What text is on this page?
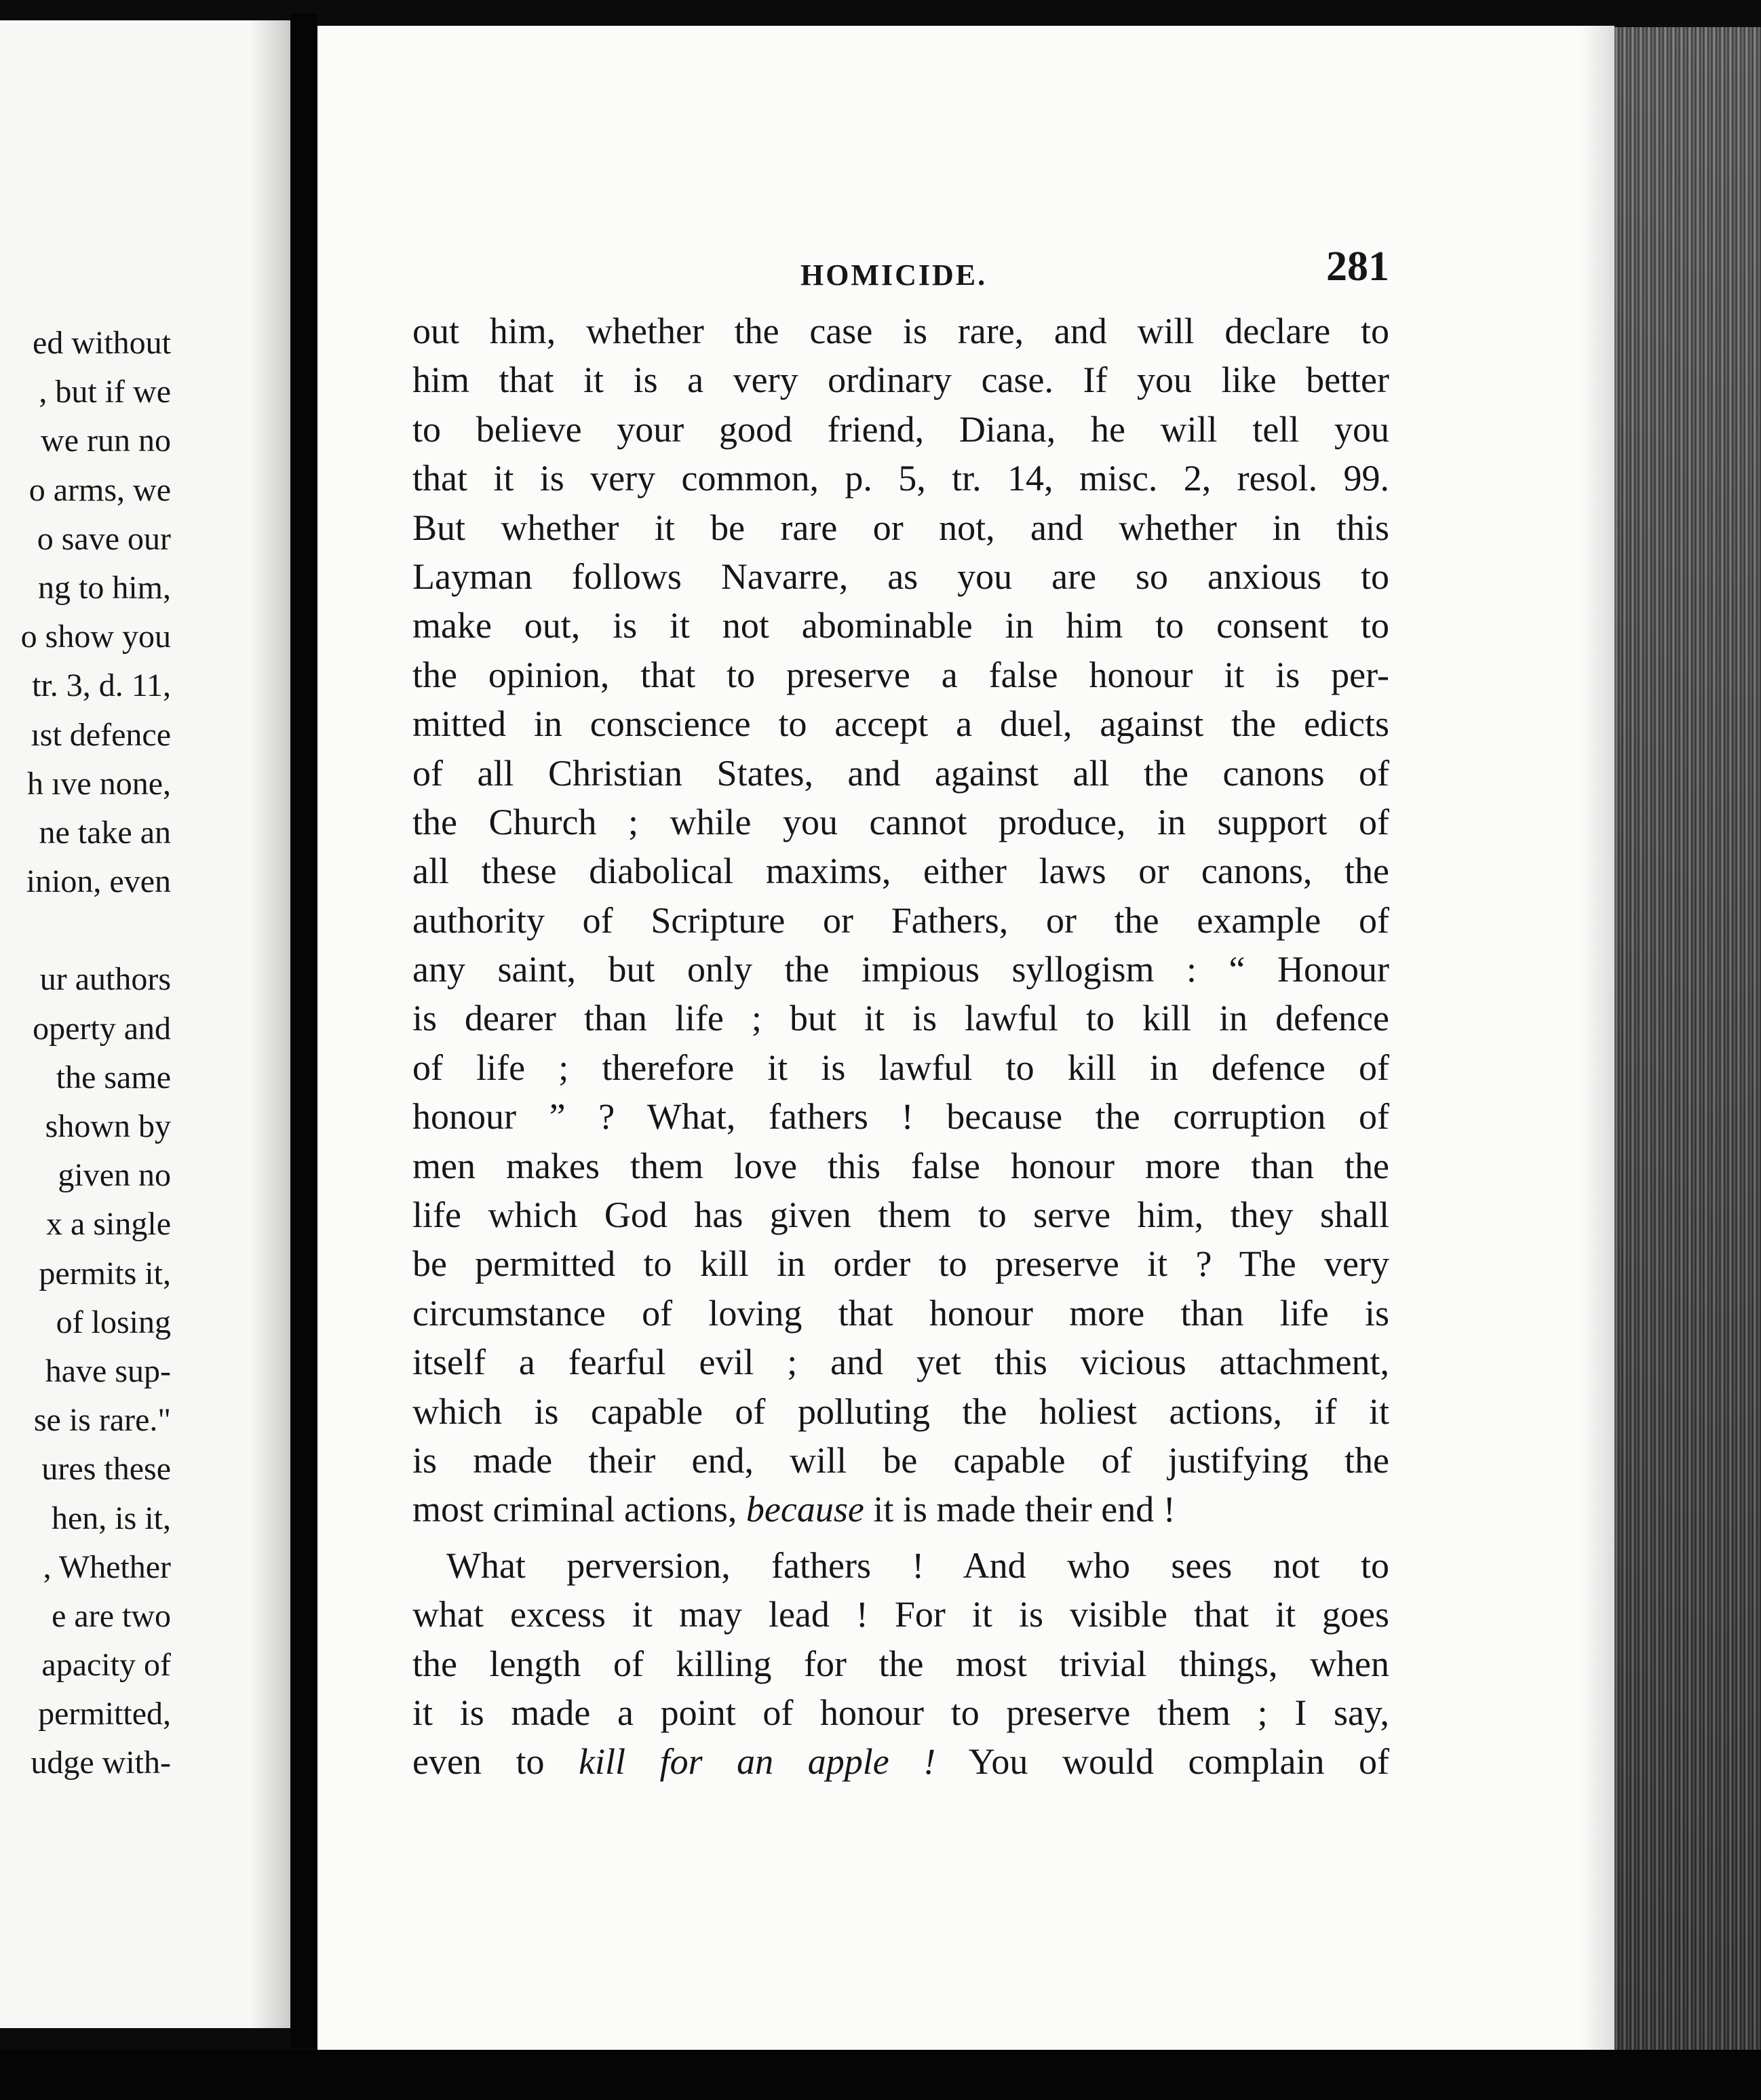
ed without
, but if we
we run no
o arms, we
o save our
ng to him,
o show you
tr. 3, d. 11,
ıst defence
h ıve none,
ne take an
inion, even
ur authors
operty and
the same
shown by
given no
x a single
permits it,
of losing
have sup-
se is rare."
ures these
hen, is it,
, Whether
e are two
apacity of
permitted,
udge with-
HOMICIDE.	281
out him, whether the case is rare, and will declare to
him that it is a very ordinary case. If you like better
to believe your good friend, Diana, he will tell you
that it is very common, p. 5, tr. 14, misc. 2, resol. 99.
But whether it be rare or not, and whether in this
Layman follows Navarre, as you are so anxious to
make out, is it not abominable in him to consent to
the opinion, that to preserve a false honour it is per-
mitted in conscience to accept a duel, against the edicts
of all Christian States, and against all the canons of
the Church ; while you cannot produce, in support of
all these diabolical maxims, either laws or canons, the
authority of Scripture or Fathers, or the example of
any saint, but only the impious syllogism : “ Honour
is dearer than life ; but it is lawful to kill in defence
of life ; therefore it is lawful to kill in defence of
honour ” ? What, fathers ! because the corruption of
men makes them love this false honour more than the
life which God has given them to serve him, they shall
be permitted to kill in order to preserve it ? The very
circumstance of loving that honour more than life is
itself a fearful evil ; and yet this vicious attachment,
which is capable of polluting the holiest actions, if it
is made their end, will be capable of justifying the
most criminal actions, because it is made their end !
What perversion, fathers ! And who sees not to
what excess it may lead ! For it is visible that it goes
the length of killing for the most trivial things, when
it is made a point of honour to preserve them ; I say,
even to kill for an apple ! You would complain of
